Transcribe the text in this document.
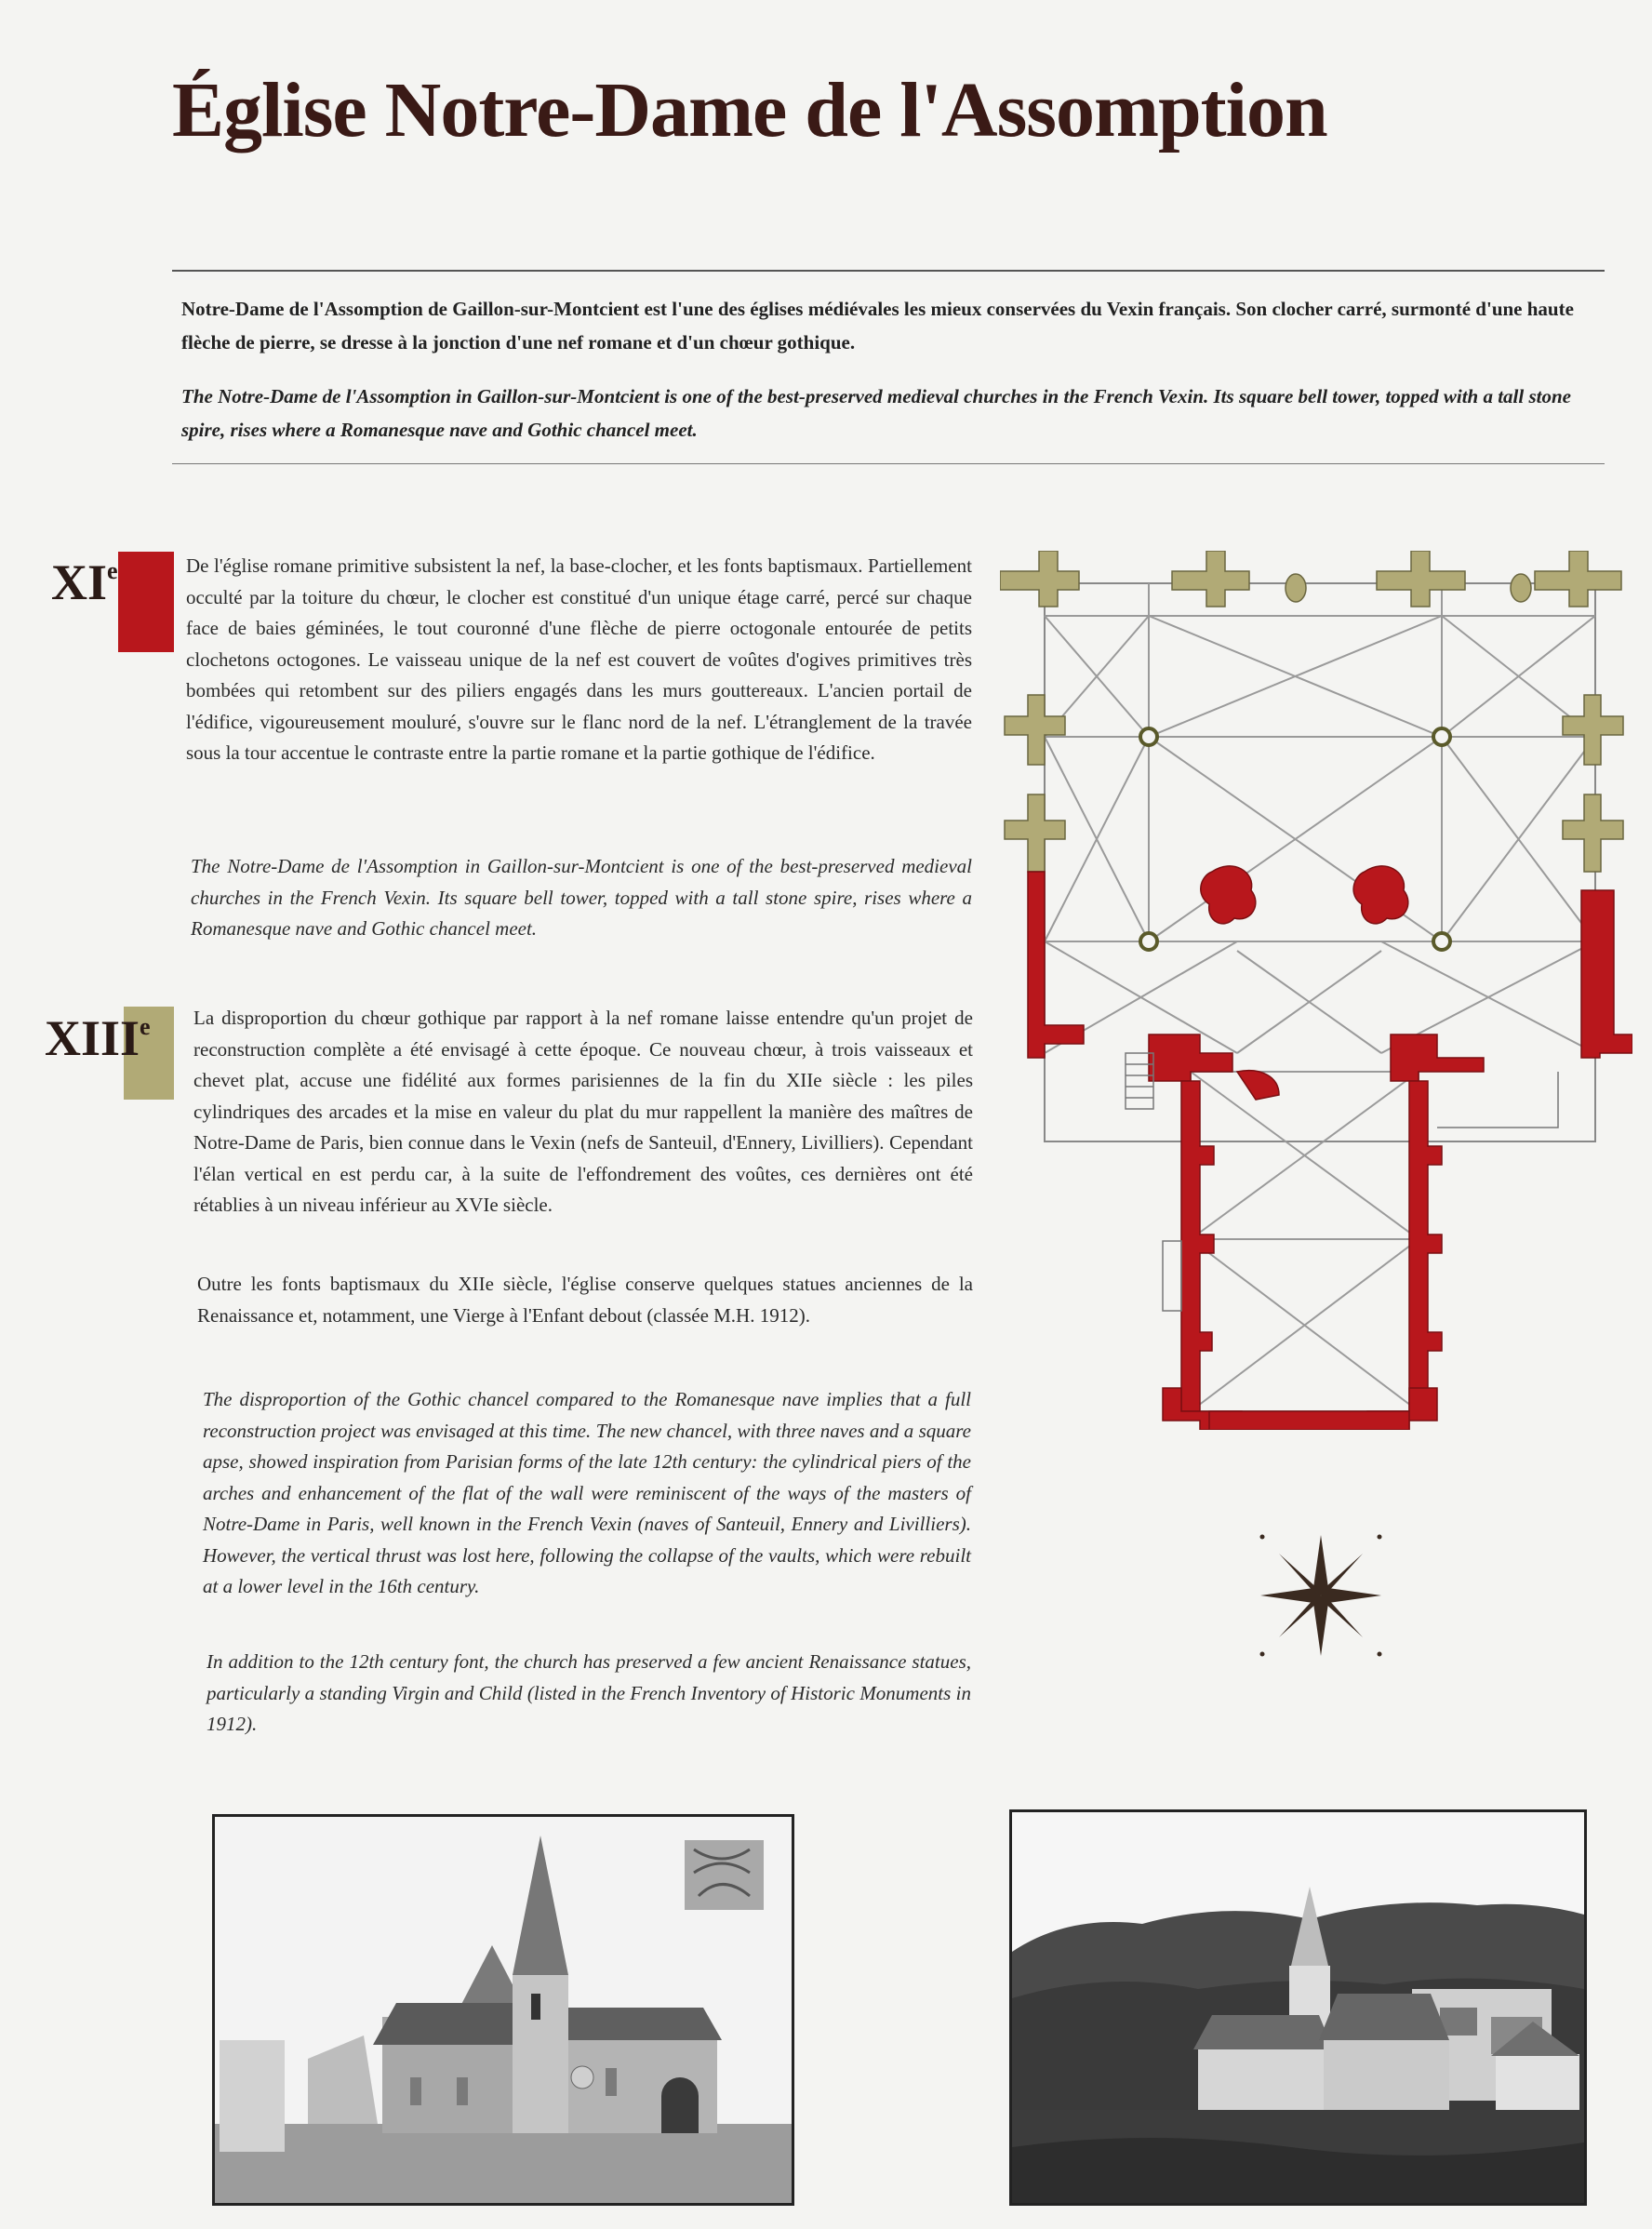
Église Notre-Dame de l'Assomption
Notre-Dame de l'Assomption de Gaillon-sur-Montcient est l'une des églises médiévales les mieux conservées du Vexin français. Son clocher carré, surmonté d'une haute flèche de pierre, se dresse à la jonction d'une nef romane et d'un chœur gothique.
The Notre-Dame de l'Assomption in Gaillon-sur-Montcient is one of the best-preserved medieval churches in the French Vexin. Its square bell tower, topped with a tall stone spire, rises where a Romanesque nave and Gothic chancel meet.
XIe	De l'église romane primitive subsistent la nef, la base-clocher, et les fonts baptismaux. Partiellement occulté par la toiture du chœur, le clocher est constitué d'un unique étage carré, percé sur chaque face de baies géminées, le tout couronné d'une flèche de pierre octogonale entourée de petits clochetons octogones. Le vaisseau unique de la nef est couvert de voûtes d'ogives primitives très bombées qui retombent sur des piliers engagés dans les murs gouttereaux. L'ancien portail de l'édifice, vigoureusement mouluré, s'ouvre sur le flanc nord de la nef. L'étranglement de la travée sous la tour accentue le contraste entre la partie romane et la partie gothique de l'édifice.
The Notre-Dame de l'Assomption in Gaillon-sur-Montcient is one of the best-preserved medieval churches in the French Vexin. Its square bell tower, topped with a tall stone spire, rises where a Romanesque nave and Gothic chancel meet.
XIIIe La disproportion du chœur gothique par rapport à la nef romane laisse entendre qu'un projet de reconstruction complète a été envisagé à cette époque. Ce nouveau chœur, à trois vaisseaux et chevet plat, accuse une fidélité aux formes parisiennes de la fin du XIIe siècle : les piles cylindriques des arcades et la mise en valeur du plat du mur rappellent la manière des maîtres de Notre-Dame de Paris, bien connue dans le Vexin (nefs de Santeuil, d'Ennery, Livilliers). Cependant l'élan vertical en est perdu car, à la suite de l'effondrement des voûtes, ces dernières ont été rétablies à un niveau inférieur au XVIe siècle.
Outre les fonts baptismaux du XIIe siècle, l'église conserve quelques statues anciennes de la Renaissance et, notamment, une Vierge à l'Enfant debout (classée M.H. 1912).
The disproportion of the Gothic chancel compared to the Romanesque nave implies that a full reconstruction project was envisaged at this time. The new chancel, with three naves and a square apse, showed inspiration from Parisian forms of the late 12th century: the cylindrical piers of the arches and enhancement of the flat of the wall were reminiscent of the ways of the masters of Notre-Dame in Paris, well known in the French Vexin (naves of Santeuil, Ennery and Livilliers). However, the vertical thrust was lost here, following the collapse of the vaults, which were rebuilt at a lower level in the 16th century.
In addition to the 12th century font, the church has preserved a few ancient Renaissance statues, particularly a standing Virgin and Child (listed in the French Inventory of Historic Monuments in 1912).
